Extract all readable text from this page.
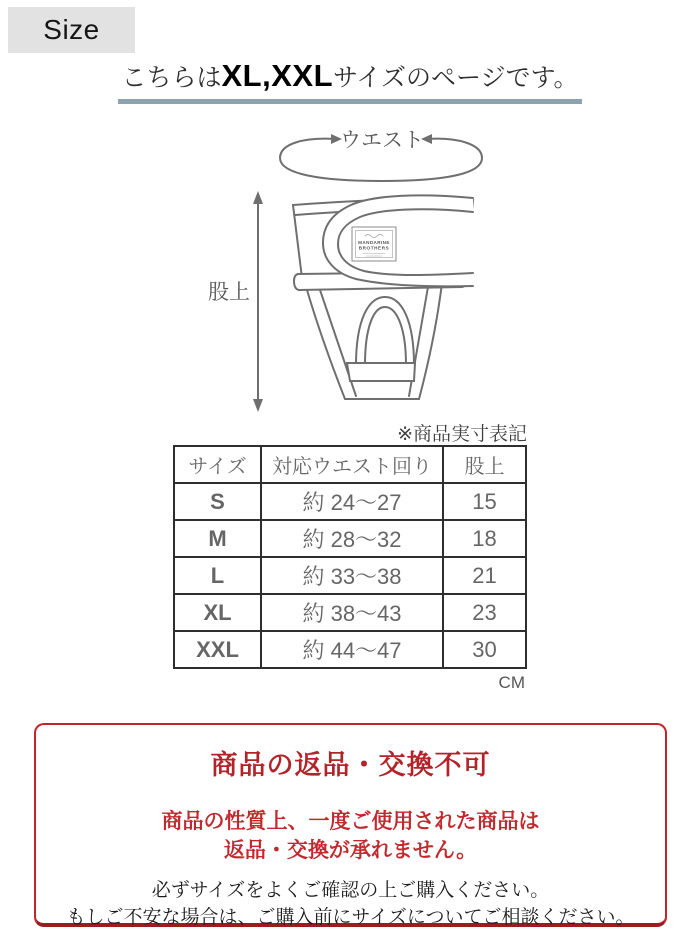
Size
こちらはXL,XXLサイズのページです。
MANDARINE
BROTHERS
ウエスト
股上
※商品実寸表記
サイズ	対応ウエスト回り	股上
S	約 24〜27	15
M	約 28〜32	18
L	約 33〜38	21
XL	約 38〜43	23
XXL	約 44〜47	30
CM
商品の返品・交換不可
商品の性質上、一度ご使用された商品は
返品・交換が承れません。
必ずサイズをよくご確認の上ご購入ください。
もしご不安な場合は、ご購入前にサイズについてご相談ください。
